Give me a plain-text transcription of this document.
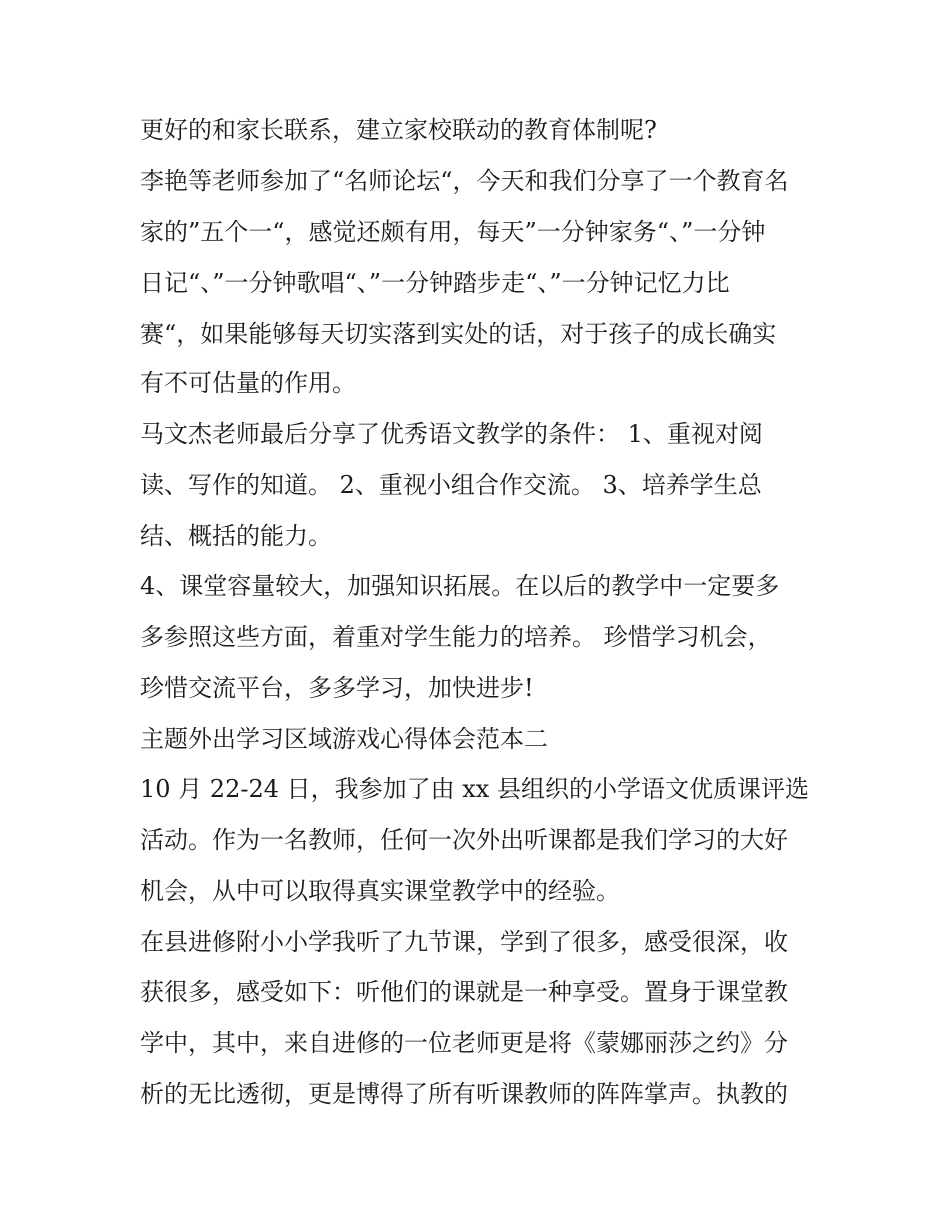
更好的和家长联系，建立家校联动的教育体制呢?
李艳等老师参加了“名师论坛“，今天和我们分享了一个教育名
家的”五个一“，感觉还颇有用，每天”一分钟家务“、”一分钟
日记“、”一分钟歌唱“、”一分钟踏步走“、”一分钟记忆力比
赛“，如果能够每天切实落到实处的话，对于孩子的成长确实
有不可估量的作用。
马文杰老师最后分享了优秀语文教学的条件： 1、重视对阅
读、写作的知道。 2、重视小组合作交流。 3、培养学生总
结、概括的能力。
4、课堂容量较大，加强知识拓展。在以后的教学中一定要多
多参照这些方面，着重对学生能力的培养。 珍惜学习机会，
珍惜交流平台，多多学习，加快进步!
主题外出学习区域游戏心得体会范本二
10 月 22-24 日，我参加了由 xx 县组织的小学语文优质课评选
活动。作为一名教师，任何一次外出听课都是我们学习的大好
机会，从中可以取得真实课堂教学中的经验。
在县进修附小小学我听了九节课，学到了很多，感受很深，收
获很多，感受如下：听他们的课就是一种享受。置身于课堂教
学中，其中，来自进修的一位老师更是将《蒙娜丽莎之约》分
析的无比透彻，更是博得了所有听课教师的阵阵掌声。执教的
